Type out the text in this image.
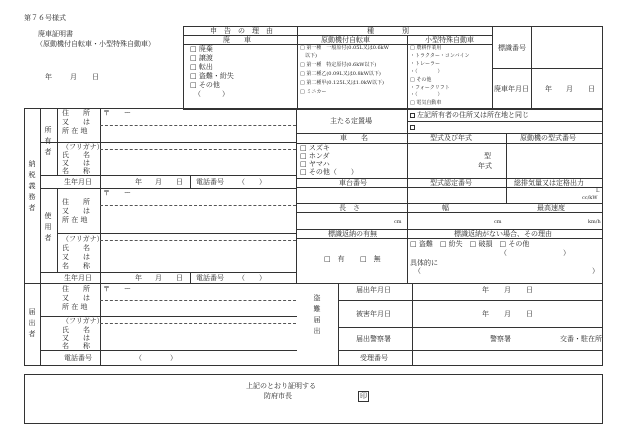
第７６号様式
廃車証明書
（原動機付自転車・小型特殊自動車）
年	月 日
申　告　の　理　由
廃　　車
□ 廃棄
□ 譲渡
□ 転出
□ 盗難・紛失
□ その他
（　　　）
種　　　　別
原動機付自転車
□ 第一種　一般原付(0.05L又は0.6kW
　以下)
□ 第一種　特定原付(0.6kW以下)
□ 第二種乙(0.09L又は0.8kW以下)
□ 第二種甲(0.125L又は1.0kW以下)
□ ミニカー
小型特殊自動車
□ 農耕作業用
・トラクター・コンバイン
・トレーラー
・（　　　　）
□ その他
・フォークリフト
・（　　　　）
□ 電気自動車
標識番号
廃車年月日 年 月 日
納税義務者
所有者
使用者
届出者
住　　 所
又　　 は
所 在 地
〒　　ー
（フリガナ）
氏　　 名
又　　 は
名　　 称
生年月日	年 月 日 電話番号 （　　）
〒　　ー
住　　 所
又　　 は
所 在 地
（フリガナ）
氏　　 名
又　　 は
名　　 称
生年月日	年 月 日 電話番号 （　　）
〒　　ー
住　　 所
又　　 は
所 在 地
（フリガナ）
氏　　 名
又　　 は
名　　 称
電話番号	（　　　　）
主たる定置場
左記所有者の住所又は所在地と同じ
車　　名
□ スズキ
□ ホンダ
□ ヤマハ
□ その他（　　）
型式及び年式
型
年式
原動機の型式番号
車台番号	型式認定番号	総排気量又は定格出力
L
cc/kW
長　さ	幅	最高速度
cm	cm	km/h
標識返納の有無
□　有 □　無
標識返納がない場合、その理由
□ 盗難　□ 紛失　□ 破損　□ その他
（　　　　　　　　）
具体的に
（	）
盗難届出
届出年月日	年 月 日
被害年月日	年 月 日
届出警察署	警察署	交番・駐在所
受理番号
上記のとおり証明する
防府市長	印
